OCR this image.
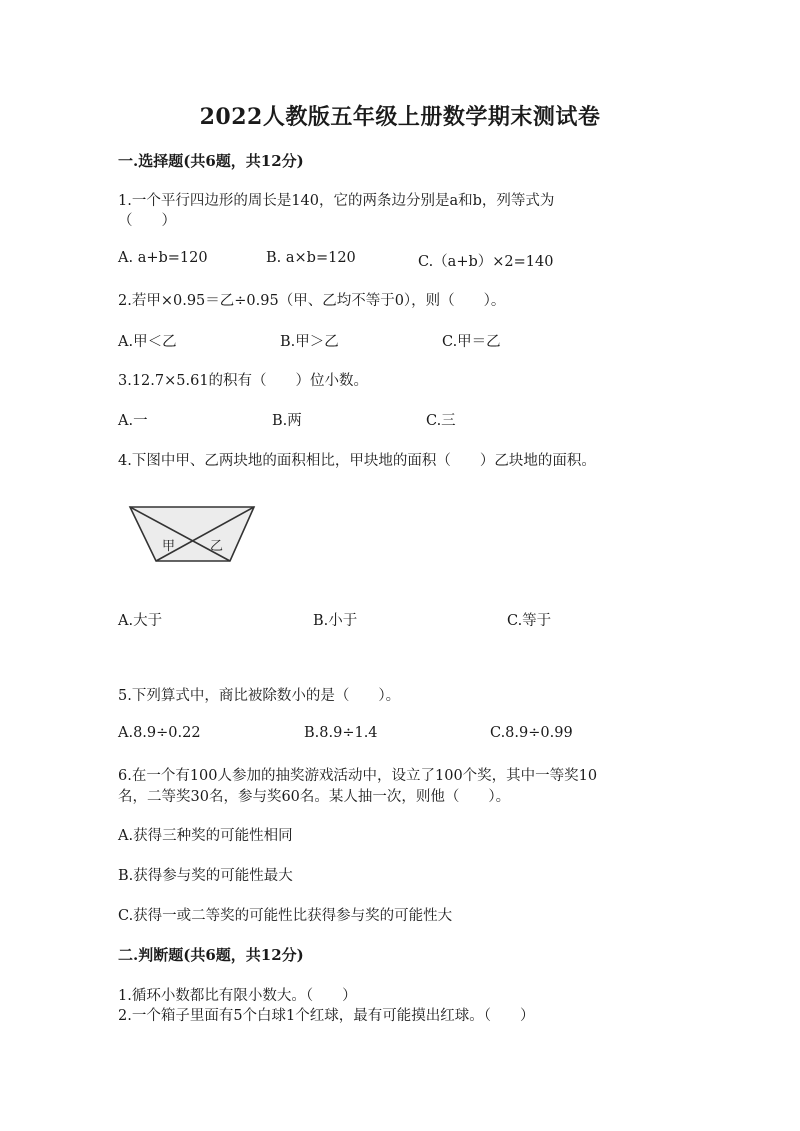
2022人教版五年级上册数学期末测试卷
一.选择题(共6题，共12分)
1.一个平行四边形的周长是140，它的两条边分别是a和b，列等式为
（　　）
A. a+b=120	B. a×b=120	C.（a+b）×2=140
2.若甲×0.95＝乙÷0.95（甲、乙均不等于0），则（　　）。
A.甲＜乙	B.甲＞乙	C.甲＝乙
3.12.7×5.61的积有（　　）位小数。
A.一	B.两	C.三
4.下图中甲、乙两块地的面积相比，甲块地的面积（　　）乙块地的面积。
甲	乙
A.大于	B.小于	C.等于
5.下列算式中，商比被除数小的是（　　）。
A.8.9÷0.22	B.8.9÷1.4	C.8.9÷0.99
6.在一个有100人参加的抽奖游戏活动中，设立了100个奖，其中一等奖10
名，二等奖30名，参与奖60名。某人抽一次，则他（　　）。
A.获得三种奖的可能性相同
B.获得参与奖的可能性最大
C.获得一或二等奖的可能性比获得参与奖的可能性大
二.判断题(共6题，共12分)
1.循环小数都比有限小数大。（　　）
2.一个箱子里面有5个白球1个红球，最有可能摸出红球。（　　）
